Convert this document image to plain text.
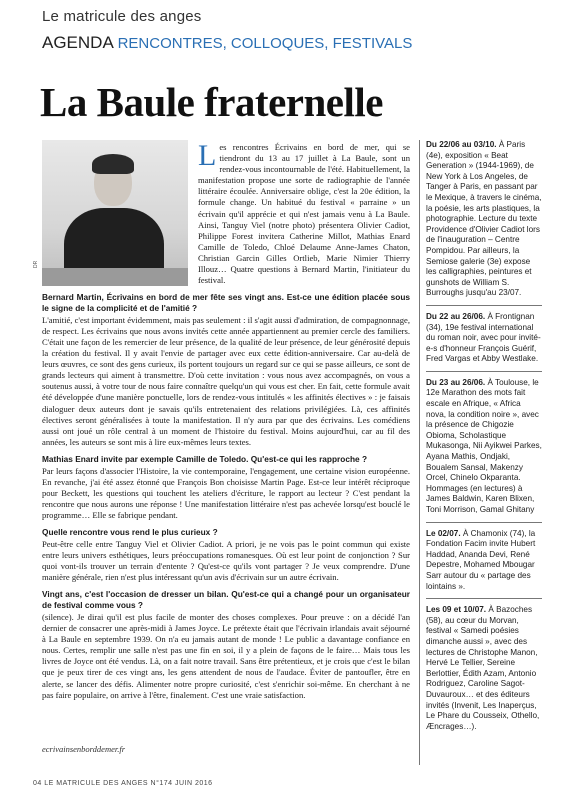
Le matricule des anges
AGENDA RENCONTRES, COLLOQUES, FESTIVALS
La Baule fraternelle
DR

Les rencontres Écrivains en bord de mer, qui se tiendront du 13 au 17 juillet à La Baule, sont un rendez-vous incontournable de l'été. Habituellement, la manifestation propose une sorte de radiographie de l'année littéraire écoulée. Anniversaire oblige, c'est la 20e édition, la formule change. Un habitué du festival « parraine » un écrivain qu'il apprécie et qui n'est jamais venu à La Baule. Ainsi, Tanguy Viel (notre photo) présentera Olivier Cadiot, Philippe Forest invitera Catherine Millot, Mathias Enard Camille de Toledo, Chloé Delaume Anne-James Chaton, Christian Garcin Gilles Ortlieb, Marie Nimier Thierry Illouz… Quatre questions à Bernard Martin, l'initiateur du festival.

Bernard Martin, Écrivains en bord de mer fête ses vingt ans. Est-ce une édition placée sous le signe de la complicité et de l'amitié ?

L'amitié, c'est important évidemment, mais pas seulement : il s'agit aussi d'admiration, de compagnonnage, de respect. Les écrivains que nous avons invités cette année appartiennent au premier cercle des familiers. C'était une façon de les remercier de leur présence, de la qualité de leur présence, de leur générosité depuis la création du festival. Il y avait l'envie de partager avec eux cette édition-anniversaire. Car au-delà de leurs œuvres, ce sont des gens curieux, ils portent toujours un regard sur ce qui se passe ailleurs, ce sont de grands lecteurs qui aiment à transmettre. D'où cette invitation : vous nous avez accompagnés, on vous a soutenus aussi, à votre tour de nous faire connaître quelqu'un qui vous est cher. En fait, cette formule avait été développée d'une manière ponctuelle, lors de rendez-vous intitulés « les affinités électives » : je faisais dialoguer deux auteurs dont je savais qu'ils entretenaient des relations privilégiées. Là, ces affinités électives seront généralisées à toute la manifestation. Il n'y aura par que des écrivains. Les comédiens aussi ont joué un rôle central à un moment de l'histoire du festival. Moins aujourd'hui, car au fil des années, les auteurs se sont mis à lire eux-mêmes leurs textes.

Mathias Enard invite par exemple Camille de Toledo. Qu'est-ce qui les rapproche ?

Par leurs façons d'associer l'Histoire, la vie contemporaine, l'engagement, une certaine vision européenne. En revanche, j'ai été assez étonné que François Bon choisisse Martin Page. Est-ce leur intérêt réciproque pour Beckett, les questions qui touchent les ateliers d'écriture, le rapport au lecteur ? C'est pendant la rencontre que nous aurons une réponse ! Une manifestation littéraire n'est pas achevée lorsqu'est bouclé le programme… Elle se fabrique pendant.

Quelle rencontre vous rend le plus curieux ?

Peut-être celle entre Tanguy Viel et Olivier Cadiot. A priori, je ne vois pas le point commun qui existe entre leurs univers esthétiques, leurs préoccupations romanesques. Où est leur point de conjonction ? Sur quoi vont-ils trouver un terrain d'entente ? Qu'est-ce qu'ils vont partager ? Je veux comprendre. D'une manière générale, rien n'est plus intéressant qu'un avis d'écrivain sur un autre écrivain.

Vingt ans, c'est l'occasion de dresser un bilan. Qu'est-ce qui a changé pour un organisateur de festival comme vous ?

(silence). Je dirai qu'il est plus facile de monter des choses complexes. Pour preuve : on a décidé l'an dernier de consacrer une après-midi à James Joyce. Le prétexte était que l'écrivain irlandais avait séjourné à La Baule en septembre 1939. On n'a eu jamais autant de monde ! Le public a davantage confiance en nous. Certes, remplir une salle n'est pas une fin en soi, il y a plein de façons de le faire… Mais tous les livres de Joyce ont été vendus. Là, on a fait notre travail. Sans être prétentieux, et je crois que c'est le bilan que je peux tirer de ces vingt ans, les gens attendent de nous de l'audace. Éviter de pantoufler, être en alerte, se lancer des défis. Alimenter notre propre curiosité, c'est s'enrichir soi-même. En cherchant à ne pas faire populaire, on arrive à l'être, finalement. C'est une vraie satisfaction.

ecrivainsenborddemer.fr
Du 22/06 au 03/10. À Paris (4e), exposition « Beat Generation » (1944-1969), de New York à Los Angeles, de Tanger à Paris, en passant par le Mexique, à travers le cinéma, la poésie, les arts plastiques, la photographie. Lecture du texte Providence d'Olivier Cadiot lors de l'inauguration – Centre Pompidou. Par ailleurs, la Semiose galerie (3e) expose les calligraphies, peintures et gunshots de William S. Burroughs jusqu'au 23/07.
Du 22 au 26/06. À Frontignan (34), 19e festival international du roman noir, avec pour invité-e-s d'honneur François Guérif, Fred Vargas et Abby Westlake.
Du 23 au 26/06. À Toulouse, le 12e Marathon des mots fait escale en Afrique, « Africa nova, la condition noire », avec la présence de Chigozie Obioma, Scholastique Mukasonga, Nii Ayikwei Parkes, Ayana Mathis, Ondjaki, Boualem Sansal, Makenzy Orcel, Chinelo Okparanta. Hommages (en lectures) à James Baldwin, Karen Blixen, Toni Morrison, Gamal Ghitany
Le 02/07. À Chamonix (74), la Fondation Facim invite Hubert Haddad, Ananda Devi, René Depestre, Mohamed Mbougar Sarr autour du « partage des lointains ».
Les 09 et 10/07. À Bazoches (58), au cœur du Morvan, festival « Samedi poésies dimanche aussi », avec des lectures de Christophe Manon, Hervé Le Tellier, Sereine Berlottier, Édith Azam, Antonio Rodriguez, Caroline Sagot-Duvauroux… et des éditeurs invités (Invenit, Les Inaperçus, Le Phare du Cousseix, Othello, Æncrages…).
04 LE MATRICULE DES ANGES N°174 JUIN 2016
